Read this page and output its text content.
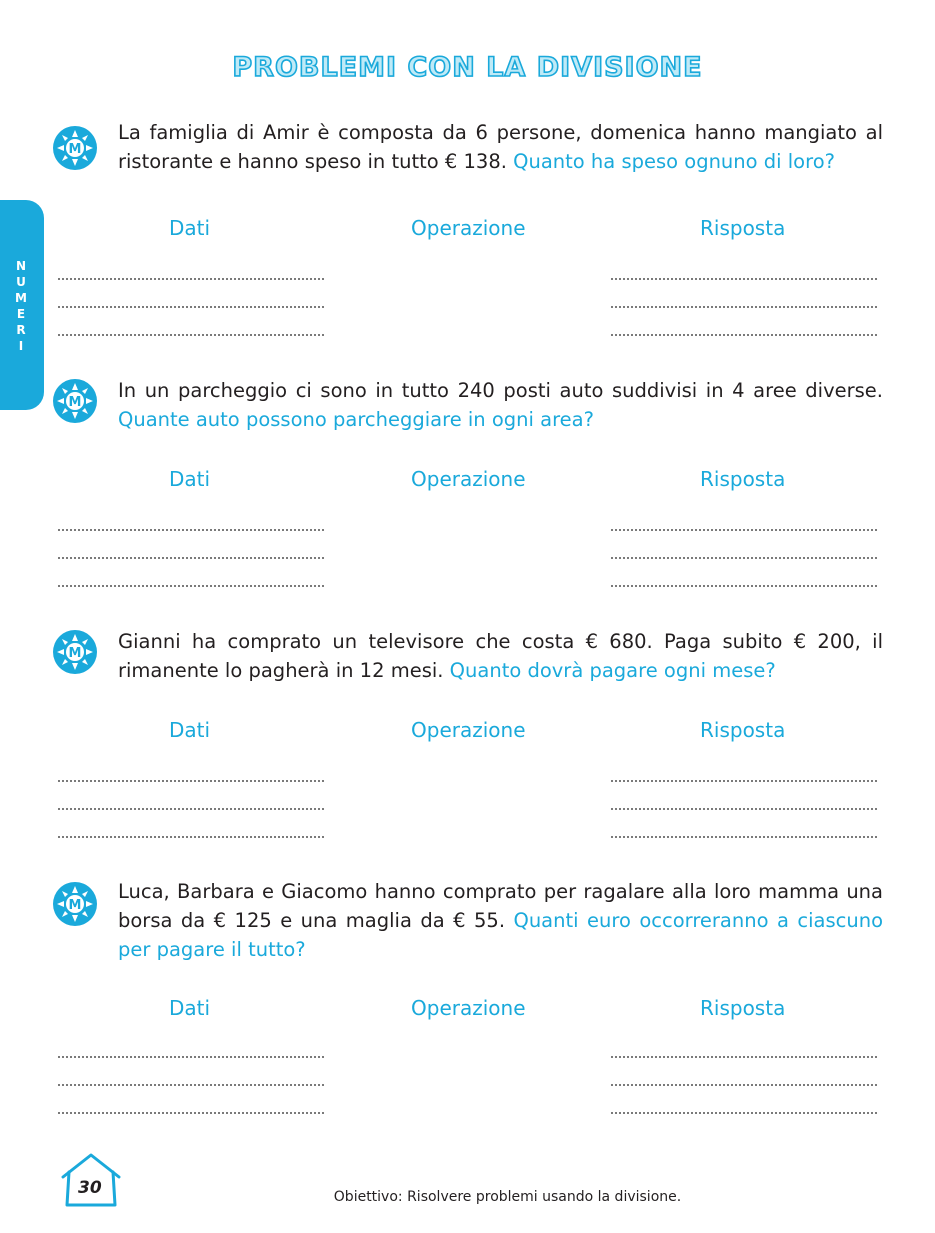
PROBLEMI CON LA DIVISIONE
N
U
M
E
R
I
M
La famiglia di Amir è composta da 6 persone, domenica hanno mangiato al ristorante e hanno speso in tutto € 138. Quanto ha speso ognuno di loro?
Dati	Operazione	Risposta
M
In un parcheggio ci sono in tutto 240 posti auto suddivisi in 4 aree diverse. Quante auto possono parcheggiare in ogni area?
Dati	Operazione	Risposta
M
Gianni ha comprato un televisore che costa € 680. Paga subito € 200, il rimanente lo pagherà in 12 mesi. Quanto dovrà pagare ogni mese?
Dati	Operazione	Risposta
M
Luca, Barbara e Giacomo hanno comprato per ragalare alla loro mamma una borsa da € 125 e una maglia da € 55. Quanti euro occorreranno a ciascuno per pagare il tutto?
Dati	Operazione	Risposta
30	Obiettivo: Risolvere problemi usando la divisione.
